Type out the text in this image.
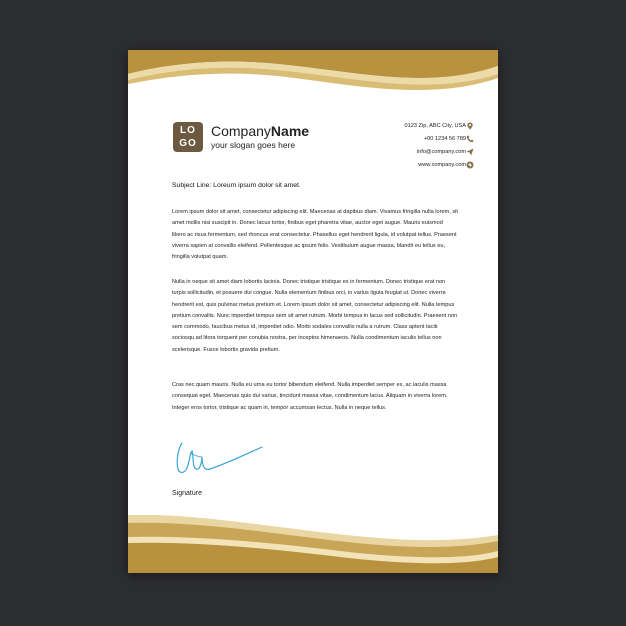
LO
GO
CompanyName
your slogan goes here
0123 Zip, ABC City, USA
+00 1234 56 789
info@company.com
www.company.com
Subject Line: Loreum ipsum dolor sit amet.
Lorem ipsum dolor sit amet, consectetur adipiscing elit. Maecenas at dapibus diam. Vivamus fringilla nulla lorem, sit amet mollis nisi suscipit in. Donec lacus tortor, finibus eget pharetra vitae, auctor eget augue. Mauris euismod libero ac risus fermentum, sed rhoncus erat consectetur. Phasellus eget hendrerit ligula, id volutpat tellus. Praesent viverra sapien at convallis eleifend. Pellentesque ac ipsum felis. Vestibulum augue massa, blandit eu tellus eu, fringilla volutpat quam.
Nulla in neque sit amet diam lobortis lacinia. Donec tristique tristique ex in fermentum. Donec tristique erat non turpis sollicitudin, et posuere dui congue. Nulla elementum finibus orci, in varius ligula feugiat ut. Donec viverra hendrerit est, quis pulvinar metus pretium et. Lorem ipsum dolor sit amet, consectetur adipiscing elit. Nulla tempus pretium convallis. Nunc imperdiet tempus sem sit amet rutrum. Morbi tempus in lacus sed sollicitudin. Praesent non sem commodo, faucibus metus id, imperdiet odio. Morbi sodales convallis nulla a rutrum. Class aptent taciti sociosqu ad litora torquent per conubia nostra, per inceptos himenaeos. Nulla condimentum iaculis tellus non scelerisque. Fusce lobortis gravida pretium.
Cras nec quam mauris. Nulla eu urna eu tortor bibendum eleifend. Nulla imperdiet semper ex, ac iaculis massa consequat eget. Maecenas quis dui varius, tincidunt massa vitae, condimentum lacus. Aliquam in viverra lorem. Integer eros tortor, tristique ac quam in, tempor accumsan lectus. Nulla in neque tellus.
Signature
